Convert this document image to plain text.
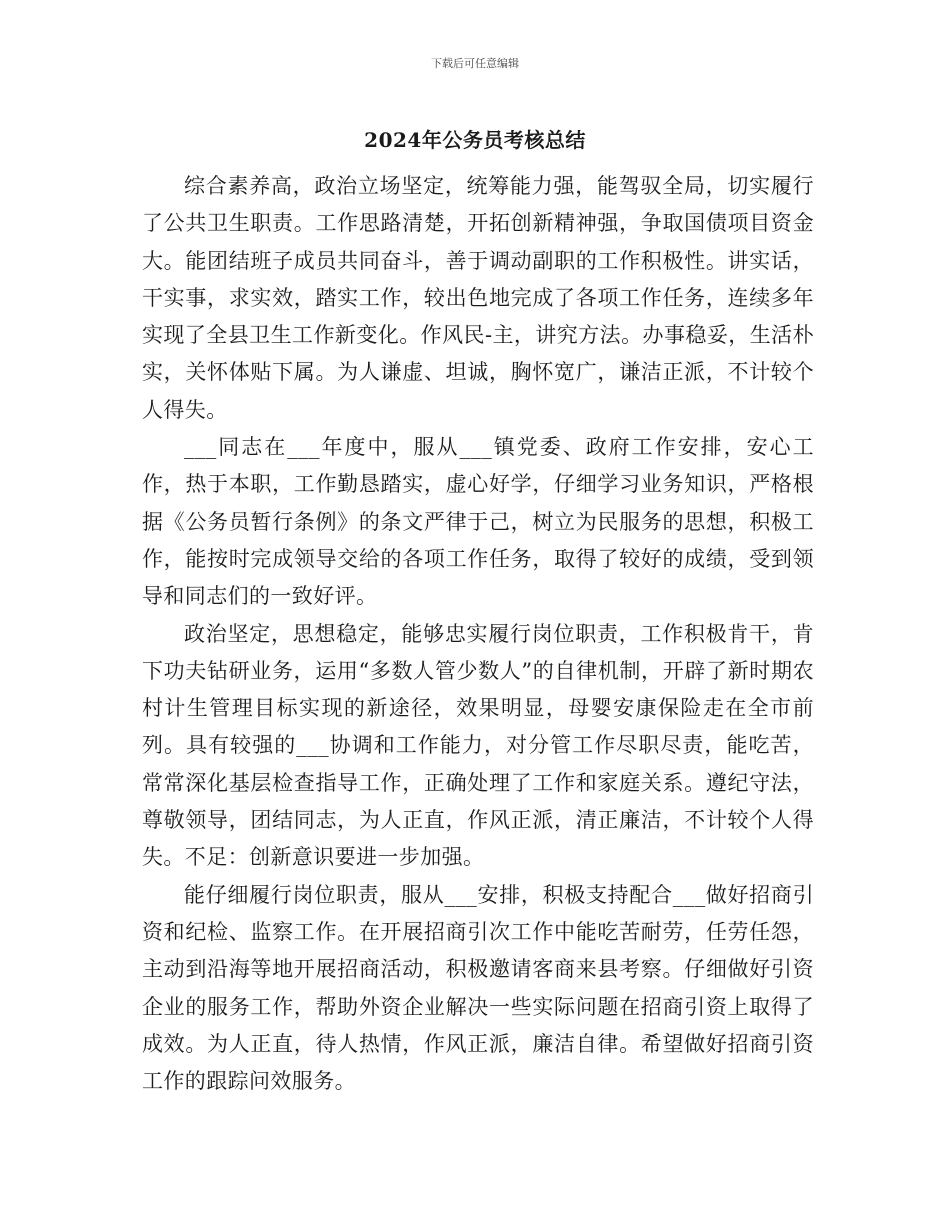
下载后可任意编辑
2024年公务员考核总结

综合素养高，政治立场坚定，统筹能力强，能驾驭全局，切实履行了公共卫生职责。工作思路清楚，开拓创新精神强，争取国债项目资金大。能团结班子成员共同奋斗，善于调动副职的工作积极性。讲实话，干实事，求实效，踏实工作，较出色地完成了各项工作任务，连续多年实现了全县卫生工作新变化。作风民-主，讲究方法。办事稳妥，生活朴实，关怀体贴下属。为人谦虚、坦诚，胸怀宽广，谦洁正派，不计较个人得失。

___同志在___年度中，服从___镇党委、政府工作安排，安心工作，热于本职，工作勤恳踏实，虚心好学，仔细学习业务知识，严格根据《公务员暂行条例》的条文严律于己，树立为民服务的思想，积极工作，能按时完成领导交给的各项工作任务，取得了较好的成绩，受到领导和同志们的一致好评。

政治坚定，思想稳定，能够忠实履行岗位职责，工作积极肯干，肯下功夫钻研业务，运用“多数人管少数人”的自律机制，开辟了新时期农村计生管理目标实现的新途径，效果明显，母婴安康保险走在全市前列。具有较强的___协调和工作能力，对分管工作尽职尽责，能吃苦，常常深化基层检查指导工作，正确处理了工作和家庭关系。遵纪守法，尊敬领导，团结同志，为人正直，作风正派，清正廉洁，不计较个人得失。不足：创新意识要进一步加强。

能仔细履行岗位职责，服从___安排，积极支持配合___做好招商引资和纪检、监察工作。在开展招商引次工作中能吃苦耐劳，任劳任怨，主动到沿海等地开展招商活动，积极邀请客商来县考察。仔细做好引资企业的服务工作，帮助外资企业解决一些实际问题在招商引资上取得了成效。为人正直，待人热情，作风正派，廉洁自律。希望做好招商引资工作的跟踪问效服务。
